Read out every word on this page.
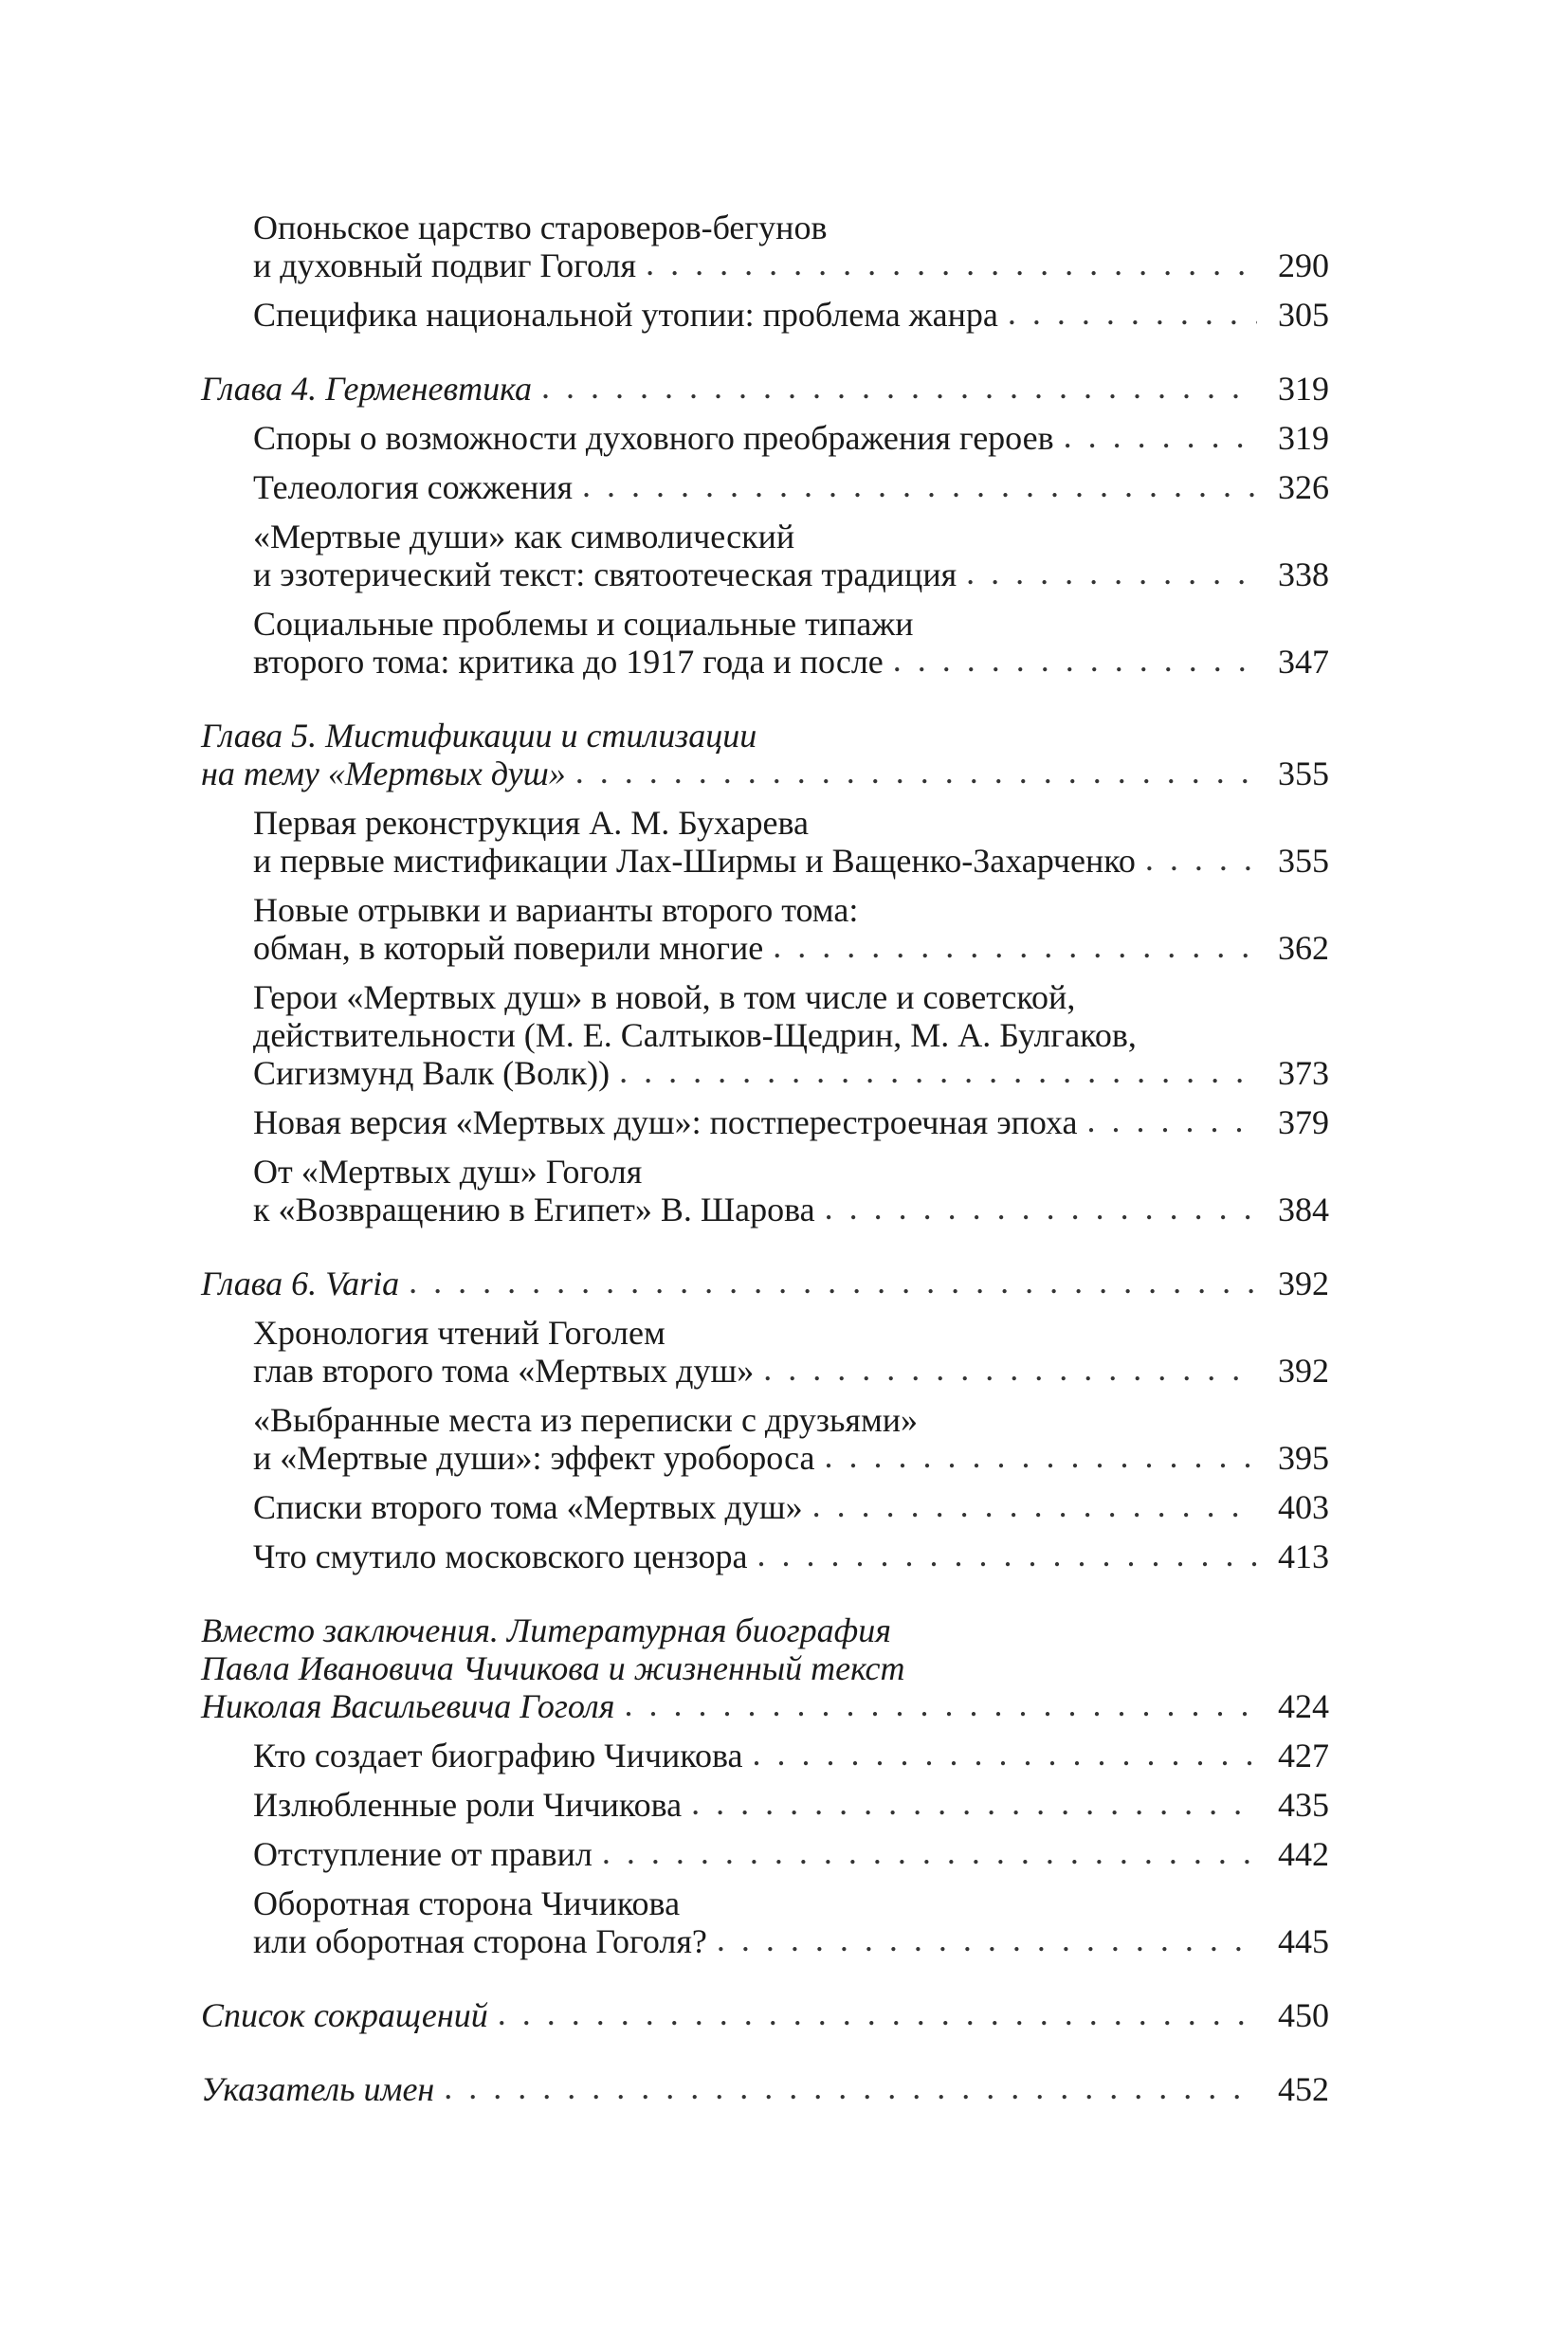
Опоньское царство староверов-бегунов
и духовный подвиг Гоголя . . .	290
Специфика национальной утопии: проблема жанра . . .	305
Глава 4. Герменевтика . . .	319
Споры о возможности духовного преображения героев . . .	319
Телеология сожжения . . .	326
«Мертвые души» как символический
и эзотерический текст: святоотеческая традиция . . .	338
Социальные проблемы и социальные типажи
второго тома: критика до 1917 года и после . . .	347
Глава 5. Мистификации и стилизации
на тему «Мертвых душ» . . .	355
Первая реконструкция А. М. Бухарева
и первые мистификации Лах-Ширмы и Ващенко-Захарченко . . .	355
Новые отрывки и варианты второго тома:
обман, в который поверили многие . . .	362
Герои «Мертвых душ» в новой, в том числе и советской,
действительности (М. Е. Салтыков-Щедрин, М. А. Булгаков,
Сигизмунд Валк (Волк)) . . .	373
Новая версия «Мертвых душ»: постперестроечная эпоха . . .	379
От «Мертвых душ» Гоголя
к «Возвращению в Египет» В. Шарова . . .	384
Глава 6. Varia . . .	392
Хронология чтений Гоголем
глав второго тома «Мертвых душ» . . .	392
«Выбранные места из переписки с друзьями»
и «Мертвые души»: эффект уробороса . . .	395
Списки второго тома «Мертвых душ» . . .	403
Что смутило московского цензора . . .	413
Вместо заключения. Литературная биография
Павла Ивановича Чичикова и жизненный текст
Николая Васильевича Гоголя . . .	424
Кто создает биографию Чичикова . . .	427
Излюбленные роли Чичикова . . .	435
Отступление от правил . . .	442
Оборотная сторона Чичикова
или оборотная сторона Гоголя? . . .	445
Список сокращений . . .	450
Указатель имен . . .	452
